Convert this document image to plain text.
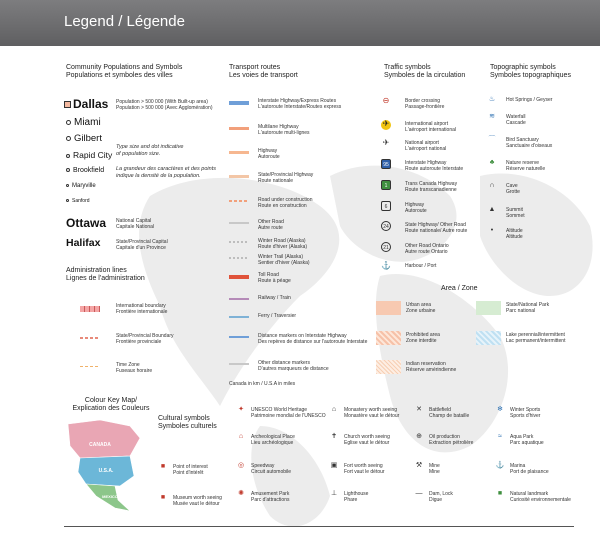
Legend / Légende
Community Populations and Symbols
Populations et symboles des villes
Dallas Population > 500 000 (With Built-up area)
Population > 500 000 (Avec Agglomération)
Miami
Gilbert
Rapid City
Brookfield
Maryville
Sanford
Type size and dot indicative
of population size.
La grandeur des caractères et des points
indique la densité de la population.
Ottawa National Capital
Capitale National
Halifax	State/Provincial Capital
Capitale d'un Province
Administration lines
Lignes de l'administration
International boundary
Frontière internationale
State/Provincial Boundary
Frontière provinciale
Time Zone
Fuseaux horaire
Colour Key Map/
Explication des Couleurs
CANADA
U.S.A.
MEXICO
Transport routes
Les voies de transport
Interstate Highway/Express Routes
L'autoroute Interstate/Routes express
Multilane Highway
L'autoroute multi-lignes
Highway
Autoroute
State/Provincial Highway
Route nationale
Road under construction
Route en construction
Other Road
Autre route
Winter Road (Alaska)
Route d'hiver (Alaska)
Winter Trail (Alaska)
Sentier d'hiver (Alaska)
Toll Road
Route à péage
Railway / Train
Ferry / Traversier
Distance markers on Interstate Highway
Des repères de distance sur l'autoroute Interstate
Other distance markers
D'autres marqueurs de distance
Canada in km / U.S.A in miles
Traffic symbols
Symboles de la circulation
⊖	Border crossing
Passage-frontière
✈	International airport
L'aéroport international
✈	National airport
L'aéroport national
95	Interstate Highway
Route autoroute Interstate
1	Trans Canada Highway
Route transcanadienne
6	Highway
Autoroute
24	State Highway/ Other Road
Route nationale/ Autre route
21	Other Road Ontario
Autre route Ontario
⚓	Harbour / Port
Topographic symbols
Symboles topographiques
♨	Hot Springs / Geyser
≋	Waterfall
Cascade
⌒	Bird Sanctuary
Sanctuaire d'oiseaux
♣	Nature reserve
Réserve naturelle
∩	Cave
Grotte
▲	Summit
Sommet
•	Altitude
Altitude
Area / Zone
Urban area
Zone urbaine
Prohibited area
Zone interdite
Indian reservation
Réserve amérindienne
State/National Park
Parc national
Lake perennial/intermittent
Lac permanent/intermittent
Cultural symbols
Symboles culturels
■	Point of interest
Point d'intérêt
■	Museum worth seeing
Musée vaut le détour
✦	UNESCO World Heritage
Patrimoine mondial de l'UNESCO
⌂	Archeological Place
Lieu archéologique
◎	Speedway
Circuit automobile
✺	Amusement Park
Parc d'attractions
⌂	Monastery worth seeing
Monastère vaut le détour
✝	Church worth seeing
Eglise vaut le détour
▣	Fort worth seeing
Fort vaut le détour
⊥	Lighthouse
Phare
✕	Battlefield
Champ de bataille
⊕	Oil production
Extraction pétrolière
⚒	Mine
Mine
—	Dam, Lock
Digue
❄	Winter Sports
Sports d'hiver
≈	Aqua Park
Parc aquatique
⚓ Marina
Port de plaisance
■	Natural landmark
Curiosité environnementale
